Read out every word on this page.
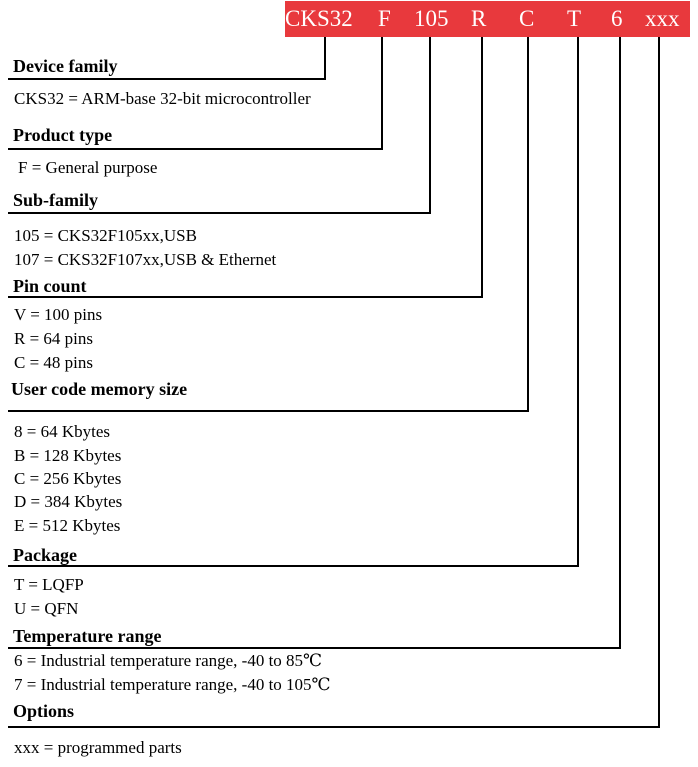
CKS32 F 105 R C T 6 xxx
Device family
CKS32 = ARM-base 32-bit microcontroller
Product type
F = General purpose
Sub-family
105 = CKS32F105xx,USB
107 = CKS32F107xx,USB & Ethernet
Pin count
V = 100 pins
R = 64 pins
C = 48 pins
User code memory size
8 = 64 Kbytes
B = 128 Kbytes
C = 256 Kbytes
D = 384 Kbytes
E = 512 Kbytes
Package
T = LQFP
U = QFN
Temperature range
6 = Industrial temperature range, -40 to 85℃
7 = Industrial temperature range, -40 to 105℃
Options
xxx = programmed parts
